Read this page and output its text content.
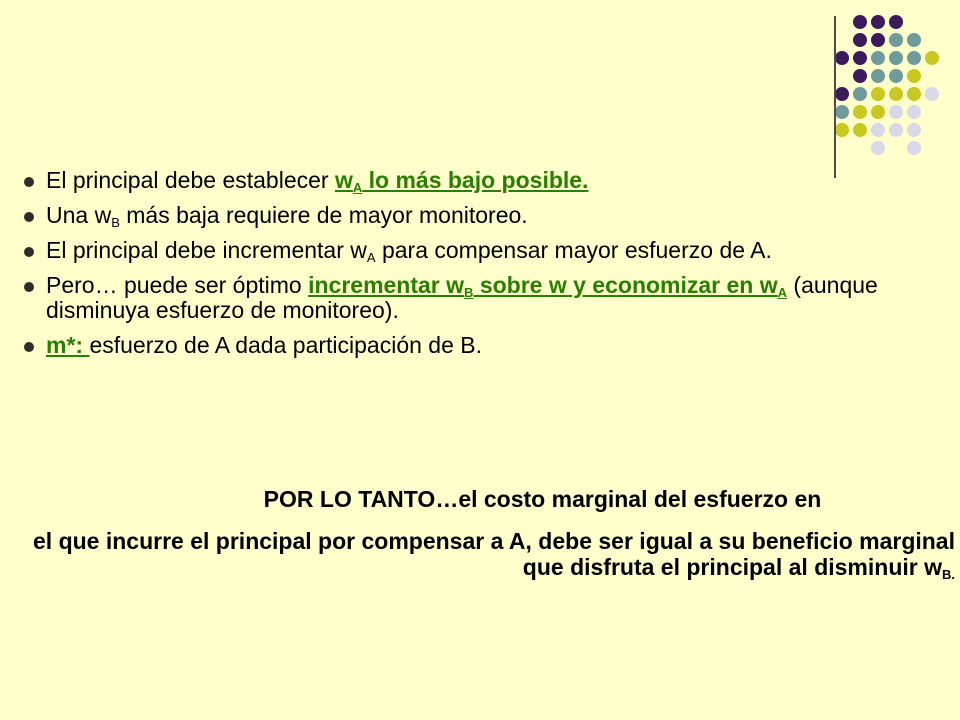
El principal debe establecer $w_A$ lo más bajo posible.
Una $w_B$ más baja requiere de mayor monitoreo.
El principal debe incrementar $w_A$ para compensar mayor esfuerzo de A.
Pero… puede ser óptimo incrementar $w_B$ sobre w y economizar en $w_A$ (aunque disminuya esfuerzo de monitoreo).
m*: esfuerzo de A dada participación de B.
POR LO TANTO…el costo marginal del esfuerzo en
el que incurre el principal por compensar a A, debe ser igual a su beneficio marginal que disfruta el principal al disminuir $w_{B.}$
